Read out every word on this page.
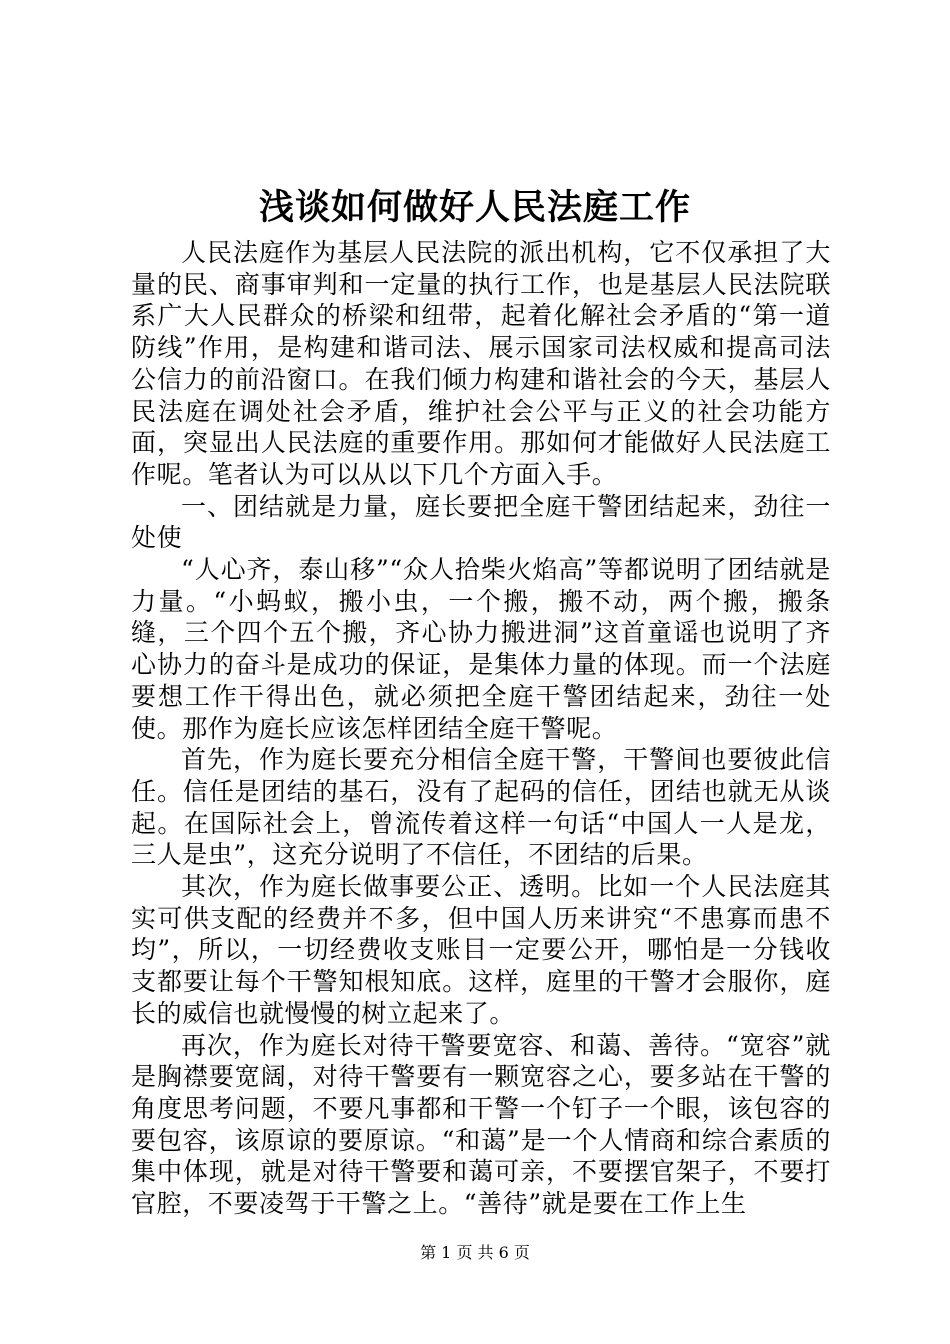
浅谈如何做好人民法庭工作

人民法庭作为基层人民法院的派出机构，它不仅承担了大量的民、商事审判和一定量的执行工作，也是基层人民法院联系广大人民群众的桥梁和纽带，起着化解社会矛盾的“第一道防线”作用，是构建和谐司法、展示国家司法权威和提高司法公信力的前沿窗口。在我们倾力构建和谐社会的今天，基层人民法庭在调处社会矛盾，维护社会公平与正义的社会功能方面，突显出人民法庭的重要作用。那如何才能做好人民法庭工作呢。笔者认为可以从以下几个方面入手。

一、团结就是力量，庭长要把全庭干警团结起来，劲往一处使

“人心齐，泰山移”“众人拾柴火焰高”等都说明了团结就是力量。“小蚂蚁，搬小虫，一个搬，搬不动，两个搬，搬条缝，三个四个五个搬，齐心协力搬进洞”这首童谣也说明了齐心协力的奋斗是成功的保证，是集体力量的体现。而一个法庭要想工作干得出色，就必须把全庭干警团结起来，劲往一处使。那作为庭长应该怎样团结全庭干警呢。

首先，作为庭长要充分相信全庭干警，干警间也要彼此信任。信任是团结的基石，没有了起码的信任，团结也就无从谈起。在国际社会上，曾流传着这样一句话“中国人一人是龙，三人是虫”，这充分说明了不信任，不团结的后果。

其次，作为庭长做事要公正、透明。比如一个人民法庭其实可供支配的经费并不多，但中国人历来讲究“不患寡而患不均”，所以，一切经费收支账目一定要公开，哪怕是一分钱收支都要让每个干警知根知底。这样，庭里的干警才会服你，庭长的威信也就慢慢的树立起来了。

再次，作为庭长对待干警要宽容、和蔼、善待。“宽容”就是胸襟要宽阔，对待干警要有一颗宽容之心，要多站在干警的角度思考问题，不要凡事都和干警一个钉子一个眼，该包容的要包容，该原谅的要原谅。“和蔼”是一个人情商和综合素质的集中体现，就是对待干警要和蔼可亲，不要摆官架子，不要打官腔，不要凌驾于干警之上。“善待”就是要在工作上生

第 1 页 共 6 页
